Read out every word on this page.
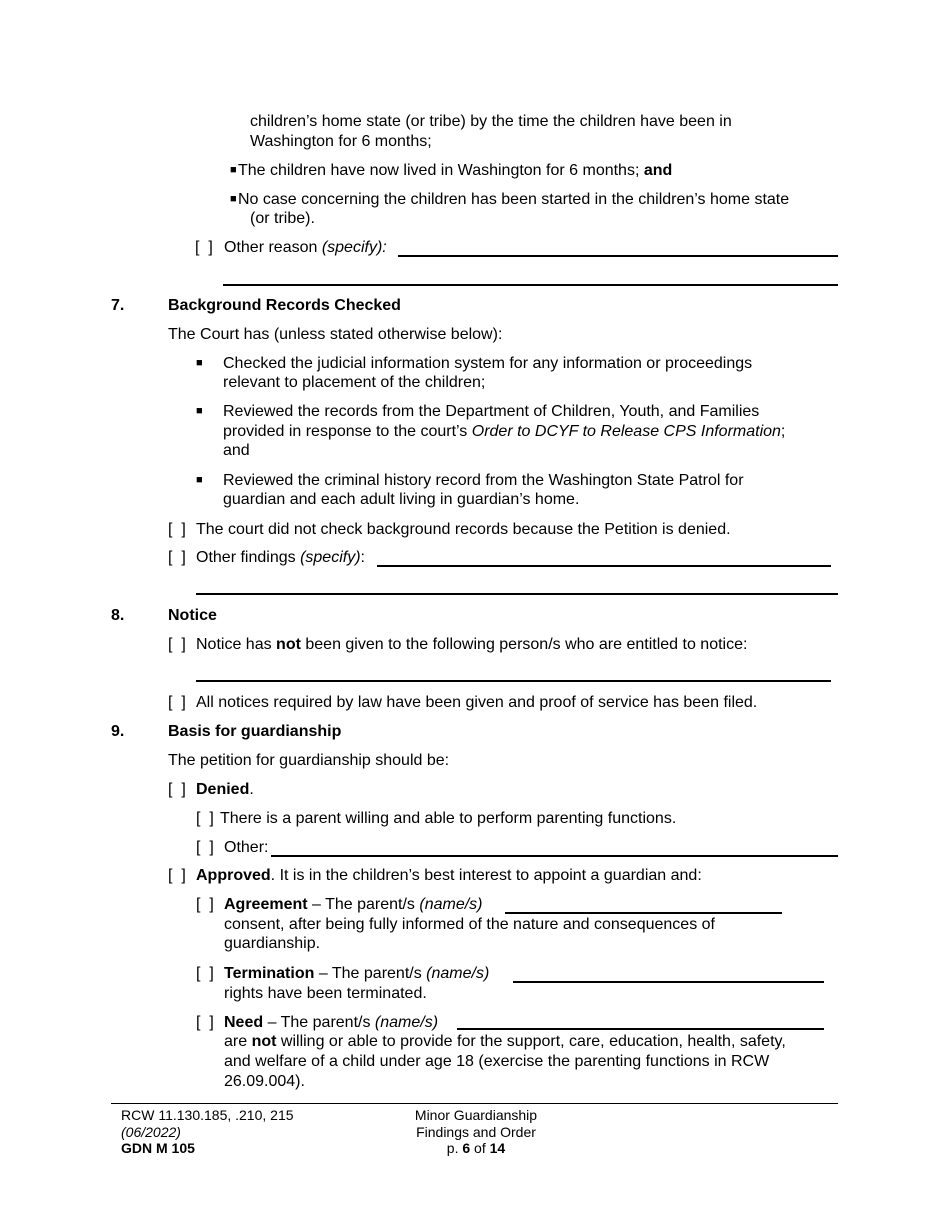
children’s home state (or tribe) by the time the children have been in
Washington for 6 months;
■ The children have now lived in Washington for 6 months; and
■ No case concerning the children has been started in the children’s home state
(or tribe).
[  ] Other reason (specify):
7.	Background Records Checked
The Court has (unless stated otherwise below):
■ Checked the judicial information system for any information or proceedings
relevant to placement of the children;
■ Reviewed the records from the Department of Children, Youth, and Families
provided in response to the court’s Order to DCYF to Release CPS Information;
and
■ Reviewed the criminal history record from the Washington State Patrol for
guardian and each adult living in guardian’s home.
[  ] The court did not check background records because the Petition is denied.
[  ] Other findings (specify):
8.	Notice
[  ] Notice has not been given to the following person/s who are entitled to notice:
[  ] All notices required by law have been given and proof of service has been filed.
9.	Basis for guardianship
The petition for guardianship should be:
[  ] Denied.
[  ] There is a parent willing and able to perform parenting functions.
[  ] Other:
[  ] Approved. It is in the children’s best interest to appoint a guardian and:
[  ] Agreement – The parent/s (name/s)
consent, after being fully informed of the nature and consequences of
guardianship.
[  ] Termination – The parent/s (name/s)
rights have been terminated.
[  ] Need – The parent/s (name/s)
are not willing or able to provide for the support, care, education, health, safety,
and welfare of a child under age 18 (exercise the parenting functions in RCW
26.09.004).
RCW 11.130.185, .210, 215
(06/2022)
GDN M 105
Minor Guardianship
Findings and Order
p. 6 of 14
